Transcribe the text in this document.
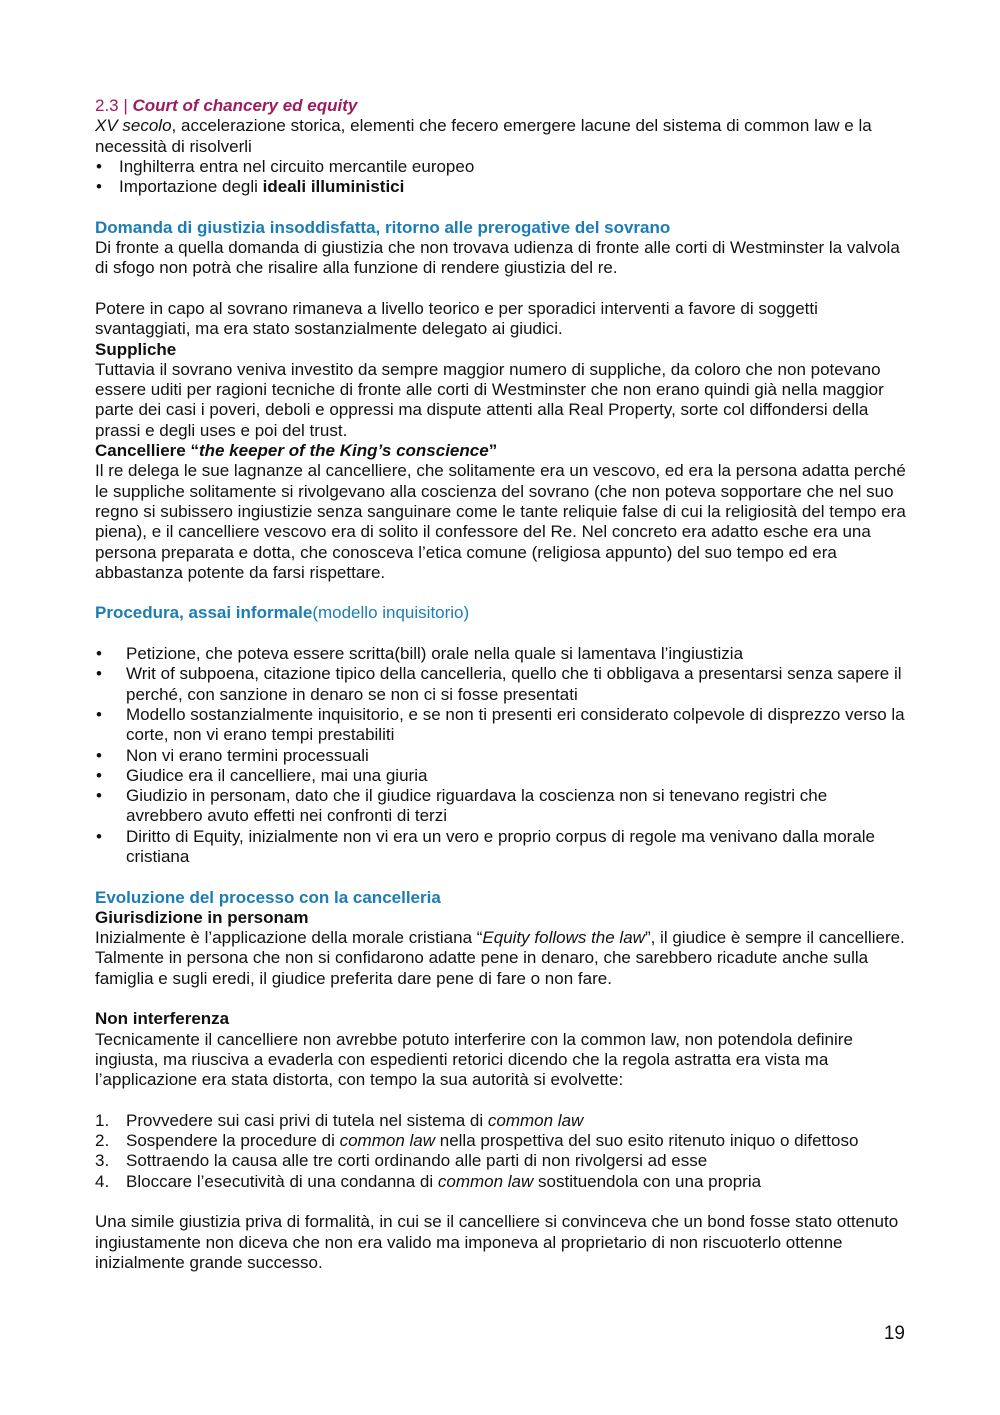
2.3 | Court of chancery ed equity

XV secolo, accelerazione storica, elementi che fecero emergere lacune del sistema di common law e la necessità di risolverli

• Inghilterra entra nel circuito mercantile europeo
• Importazione degli ideali illuministici
Domanda di giustizia insoddisfatta, ritorno alle prerogative del sovrano

Di fronte a quella domanda di giustizia che non trovava udienza di fronte alle corti di Westminster la valvola di sfogo non potrà che risalire alla funzione di rendere giustizia del re.

Potere in capo al sovrano rimaneva a livello teorico e per sporadici interventi a favore di soggetti svantaggiati, ma era stato sostanzialmente delegato ai giudici.

Suppliche

Tuttavia il sovrano veniva investito da sempre maggior numero di suppliche, da coloro che non potevano essere uditi per ragioni tecniche di fronte alle corti di Westminster che non erano quindi già nella maggior parte dei casi i poveri, deboli e oppressi ma dispute attenti alla Real Property, sorte col diffondersi della prassi e degli uses e poi del trust.

Cancelliere “the keeper of the King’s conscience”

Il re delega le sue lagnanze al cancelliere, che solitamente era un vescovo, ed era la persona adatta perché le suppliche solitamente si rivolgevano alla coscienza del sovrano (che non poteva sopportare che nel suo regno si subissero ingiustizie senza sanguinare come le tante reliquie false di cui la religiosità del tempo era piena), e il cancelliere vescovo era di solito il confessore del Re. Nel concreto era adatto esche era una persona preparata e dotta, che conosceva l’etica comune (religiosa appunto) del suo tempo ed era abbastanza potente da farsi rispettare.

Procedura, assai informale(modello inquisitorio)
• Petizione, che poteva essere scritta(bill) orale nella quale si lamentava l’ingiustizia
• Writ of subpoena, citazione tipico della cancelleria, quello che ti obbligava a presentarsi senza sapere il perché, con sanzione in denaro se non ci si fosse presentati
• Modello sostanzialmente inquisitorio, e se non ti presenti eri considerato colpevole di disprezzo verso la corte, non vi erano tempi prestabiliti
• Non vi erano termini processuali
• Giudice era il cancelliere, mai una giuria
• Giudizio in personam, dato che il giudice riguardava la coscienza non si tenevano registri che avrebbero avuto effetti nei confronti di terzi
• Diritto di Equity, inizialmente non vi era un vero e proprio corpus di regole ma venivano dalla morale cristiana
Evoluzione del processo con la cancelleria
Giurisdizione in personam

Inizialmente è l’applicazione della morale cristiana “Equity follows the law”, il giudice è sempre il cancelliere. Talmente in persona che non si confidarono adatte pene in denaro, che sarebbero ricadute anche sulla famiglia e sugli eredi, il giudice preferita dare pene di fare o non fare.

Non interferenza

Tecnicamente il cancelliere non avrebbe potuto interferire con la common law, non potendola definire ingiusta, ma riusciva a evaderla con espedienti retorici dicendo che la regola astratta era vista ma l’applicazione era stata distorta, con tempo la sua autorità si evolvette:

1. Provvedere sui casi privi di tutela nel sistema di common law
2. Sospendere la procedure di common law nella prospettiva del suo esito ritenuto iniquo o difettoso
3. Sottraendo la causa alle tre corti ordinando alle parti di non rivolgersi ad esse
4. Bloccare l’esecutività di una condanna di common law sostituendola con una propria

Una simile giustizia priva di formalità, in cui se il cancelliere si convinceva che un bond fosse stato ottenuto ingiustamente non diceva che non era valido ma imponeva al proprietario di non riscuoterlo ottenne inizialmente grande successo.

19
